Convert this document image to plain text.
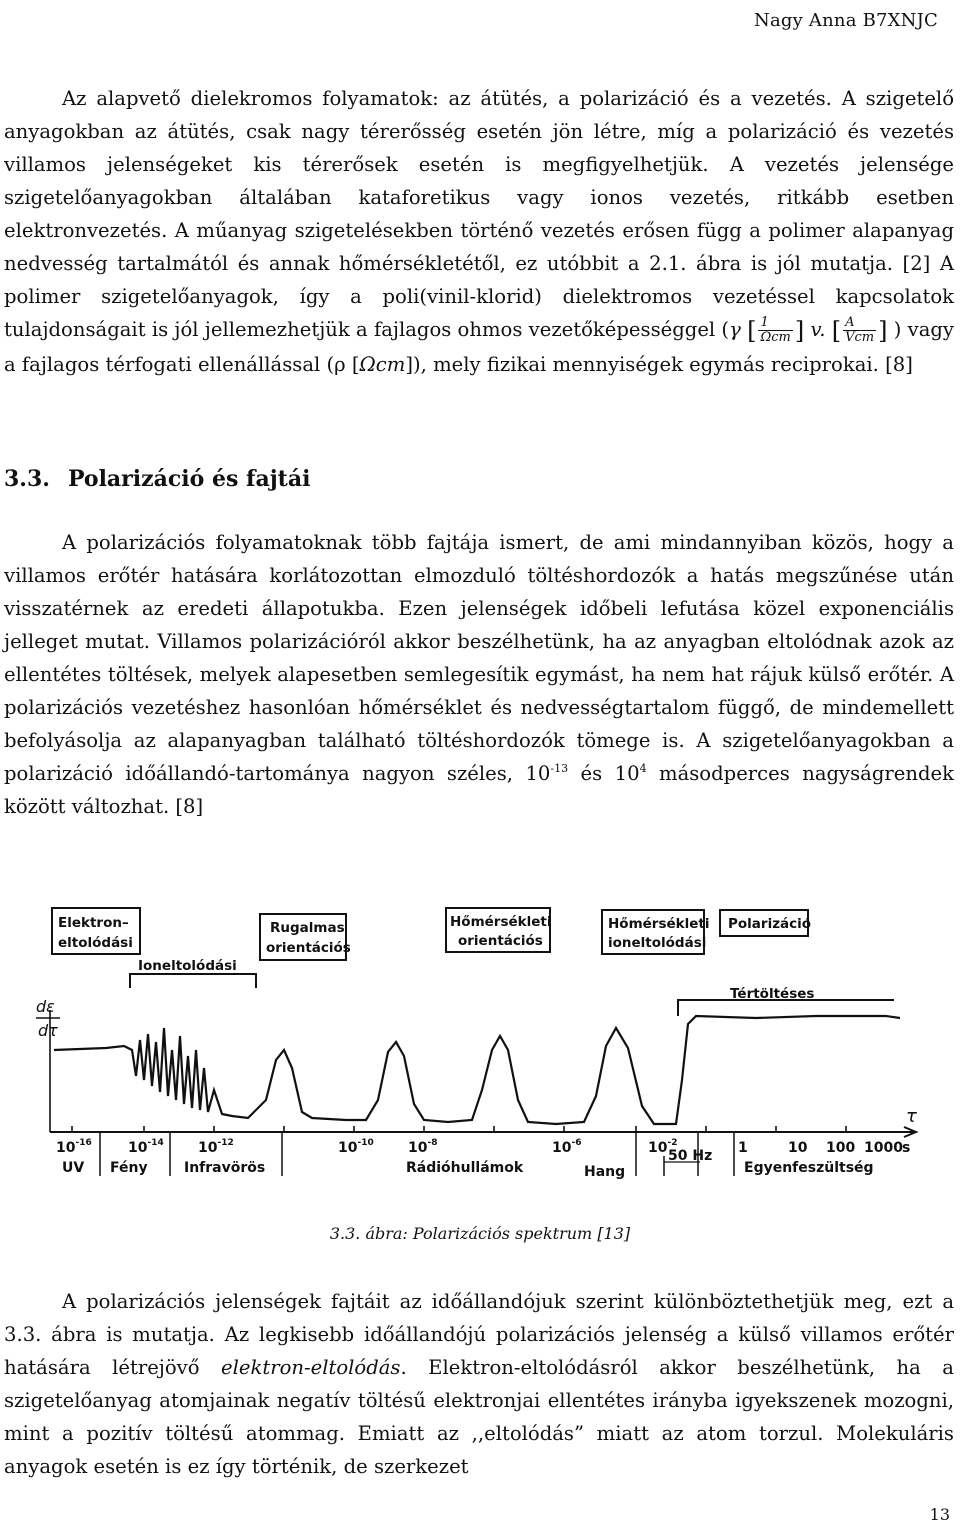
Nagy Anna B7XNJC

Az alapvető dielekromos folyamatok: az átütés, a polarizáció és a vezetés. A szigetelő anyagokban az átütés, csak nagy térerősség esetén jön létre, míg a polarizáció és vezetés villamos jelenségeket kis térerősek esetén is megfigyelhetjük. A vezetés jelensége szigetelőanyagokban általában kataforetikus vagy ionos vezetés, ritkább esetben elektronvezetés. A műanyag szigetelésekben történő vezetés erősen függ a polimer alapanyag nedvesség tartalmától és annak hőmérsékletétől, ez utóbbit a 2.1. ábra is jól mutatja. [2] A polimer szigetelőanyagok, így a poli(vinil-klorid) dielektromos vezetéssel kapcsolatok tulajdonságait is jól jellemezhetjük a fajlagos ohmos vezetőképességgel (γ [ $\frac{1}{\text{Ωcm}}$ ] v. [ $\frac{A}{\text{Vcm}}$ ] ) vagy a fajlagos térfogati ellenállással (ρ [Ωcm]), mely fizikai mennyiségek egymás reciprokai. [8]

3.3. Polarizáció és fajtái

A polarizációs folyamatoknak több fajtája ismert, de ami mindannyiban közös, hogy a villamos erőtér hatására korlátozottan elmozduló töltéshordozók a hatás megszűnése után visszatérnek az eredeti állapotukba. Ezen jelenségek időbeli lefutása közel exponenciális jelleget mutat. Villamos polarizációról akkor beszélhetünk, ha az anyagban eltolódnak azok az ellentétes töltések, melyek alapesetben semlegesítik egymást, ha nem hat rájuk külső erőtér. A polarizációs vezetéshez hasonlóan hőmérséklet és nedvességtartalom függő, de mindemellett befolyásolja az alapanyagban található töltéshordozók tömege is. A szigetelőanyagokban a polarizáció időállandó-tartománya nagyon széles, $10^{-13}$ és $10^4$ másodperces nagyságrendek között változhat. [8]

Elektron–
eltolódási
Rugalmas
orientációs
Hőmérsékleti
orientációs
Hőmérsékleti
ioneltolódási
Polarizáció
Ioneltolódási
Tértöltéses
dε
dτ
τ
$10^{-16}$	$10^{-14}$ $10^{-12}$	$10^{-10}$ $10^{-8}$	$10^{-6}$	$10^{-2}$	1	10 100 1000 s
UV Fény	Infravörös	Rádióhullámok	Hang
50 Hz
Egyenfeszültség
3.3. ábra: Polarizációs spektrum [13]

A polarizációs jelenségek fajtáit az időállandójuk szerint különböztethetjük meg, ezt a 3.3. ábra is mutatja. Az legkisebb időállandójú polarizációs jelenség a külső villamos erőtér hatására létrejövő elektron-eltolódás. Elektron-eltolódásról akkor beszélhetünk, ha a szigetelőanyag atomjainak negatív töltésű elektronjai ellentétes irányba igyekszenek mozogni, mint a pozitív töltésű atommag. Emiatt az ,,eltolódás” miatt az atom torzul. Molekuláris anyagok esetén is ez így történik, de szerkezet

13
